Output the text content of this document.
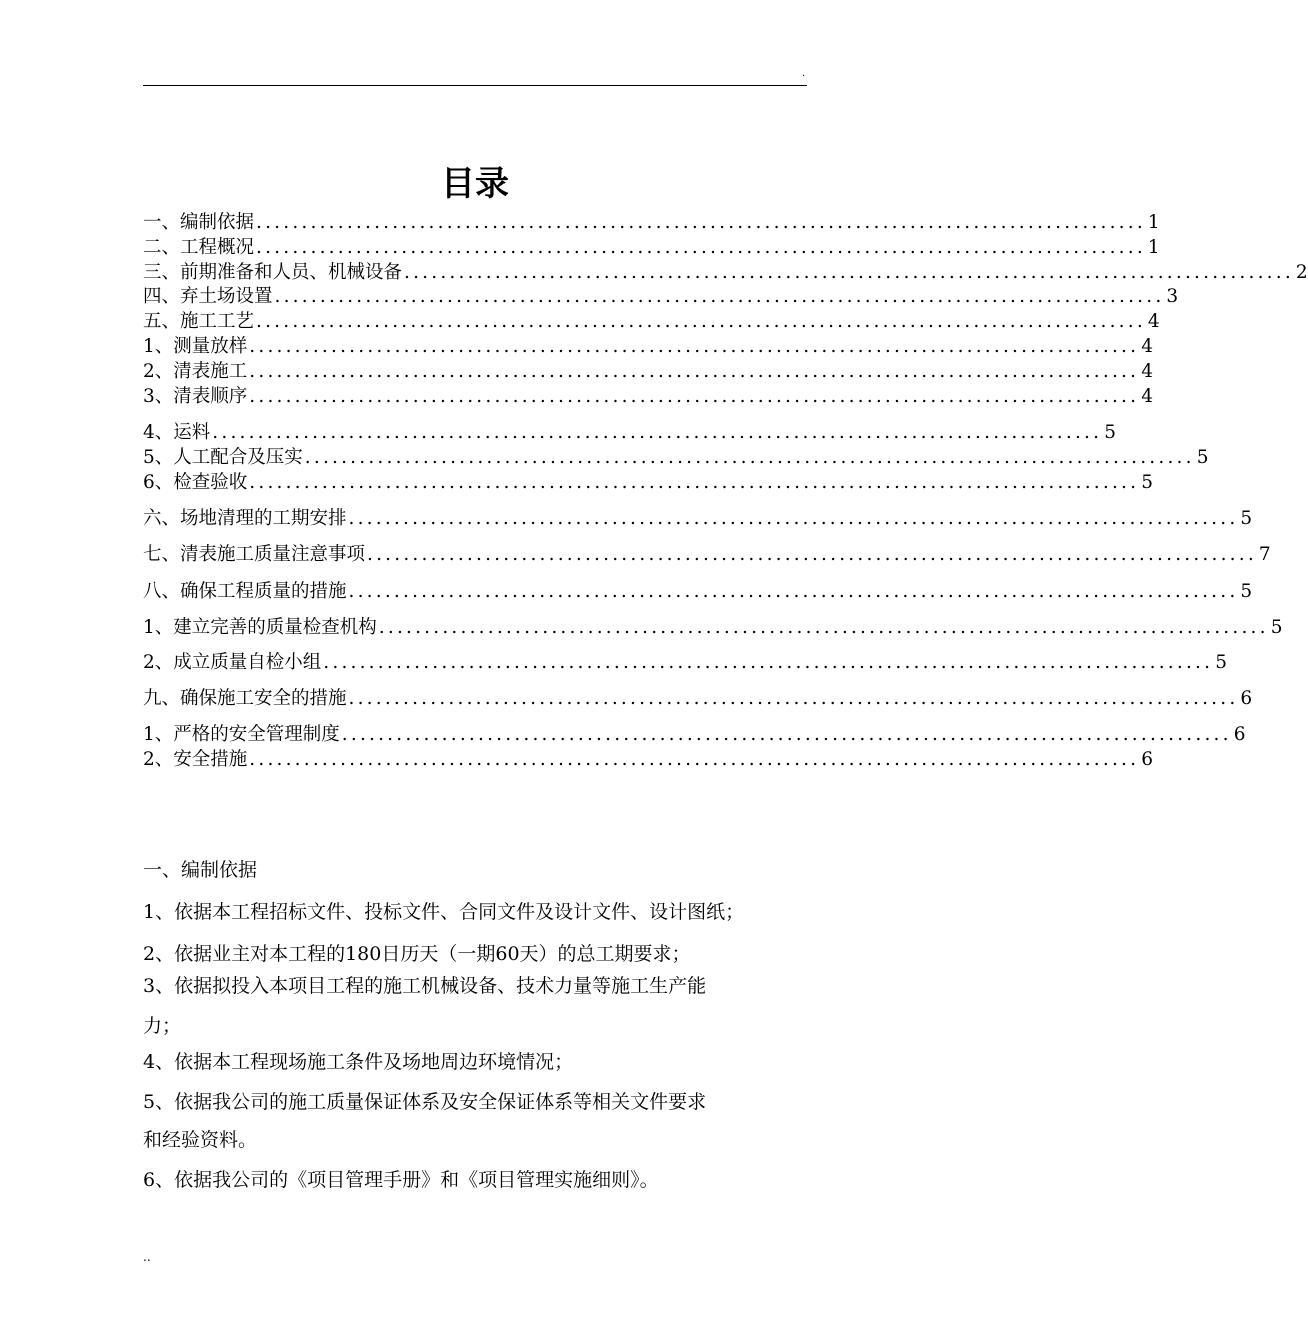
.
目录
一、编制依据 .................................................................................................. 1
二、工程概况 .................................................................................................. 1
三、前期准备和人员、机械设备 .................................................................................................. 2
四、弃土场设置 .................................................................................................. 3
五、施工工艺 .................................................................................................. 4
1、测量放样 .................................................................................................. 4
2、清表施工 .................................................................................................. 4
3、清表顺序 .................................................................................................. 4
4、运料 .................................................................................................. 5
5、人工配合及压实 .................................................................................................. 5
6、检查验收 .................................................................................................. 5
六、场地清理的工期安排 .................................................................................................. 5
七、清表施工质量注意事项 .................................................................................................. 7
八、确保工程质量的措施 .................................................................................................. 5
1、建立完善的质量检查机构 .................................................................................................. 5
2、成立质量自检小组 .................................................................................................. 5
九、确保施工安全的措施 .................................................................................................. 6
1、严格的安全管理制度 .................................................................................................. 6
2、安全措施 .................................................................................................. 6
一、编制依据
1、依据本工程招标文件、投标文件、合同文件及设计文件、设计图纸；
2、依据业主对本工程的180日历天（一期60天）的总工期要求；
3、依据拟投入本项目工程的施工机械设备、技术力量等施工生产能
力；
4、依据本工程现场施工条件及场地周边环境情况；
5、依据我公司的施工质量保证体系及安全保证体系等相关文件要求
和经验资料。
6、依据我公司的《项目管理手册》和《项目管理实施细则》。
..
